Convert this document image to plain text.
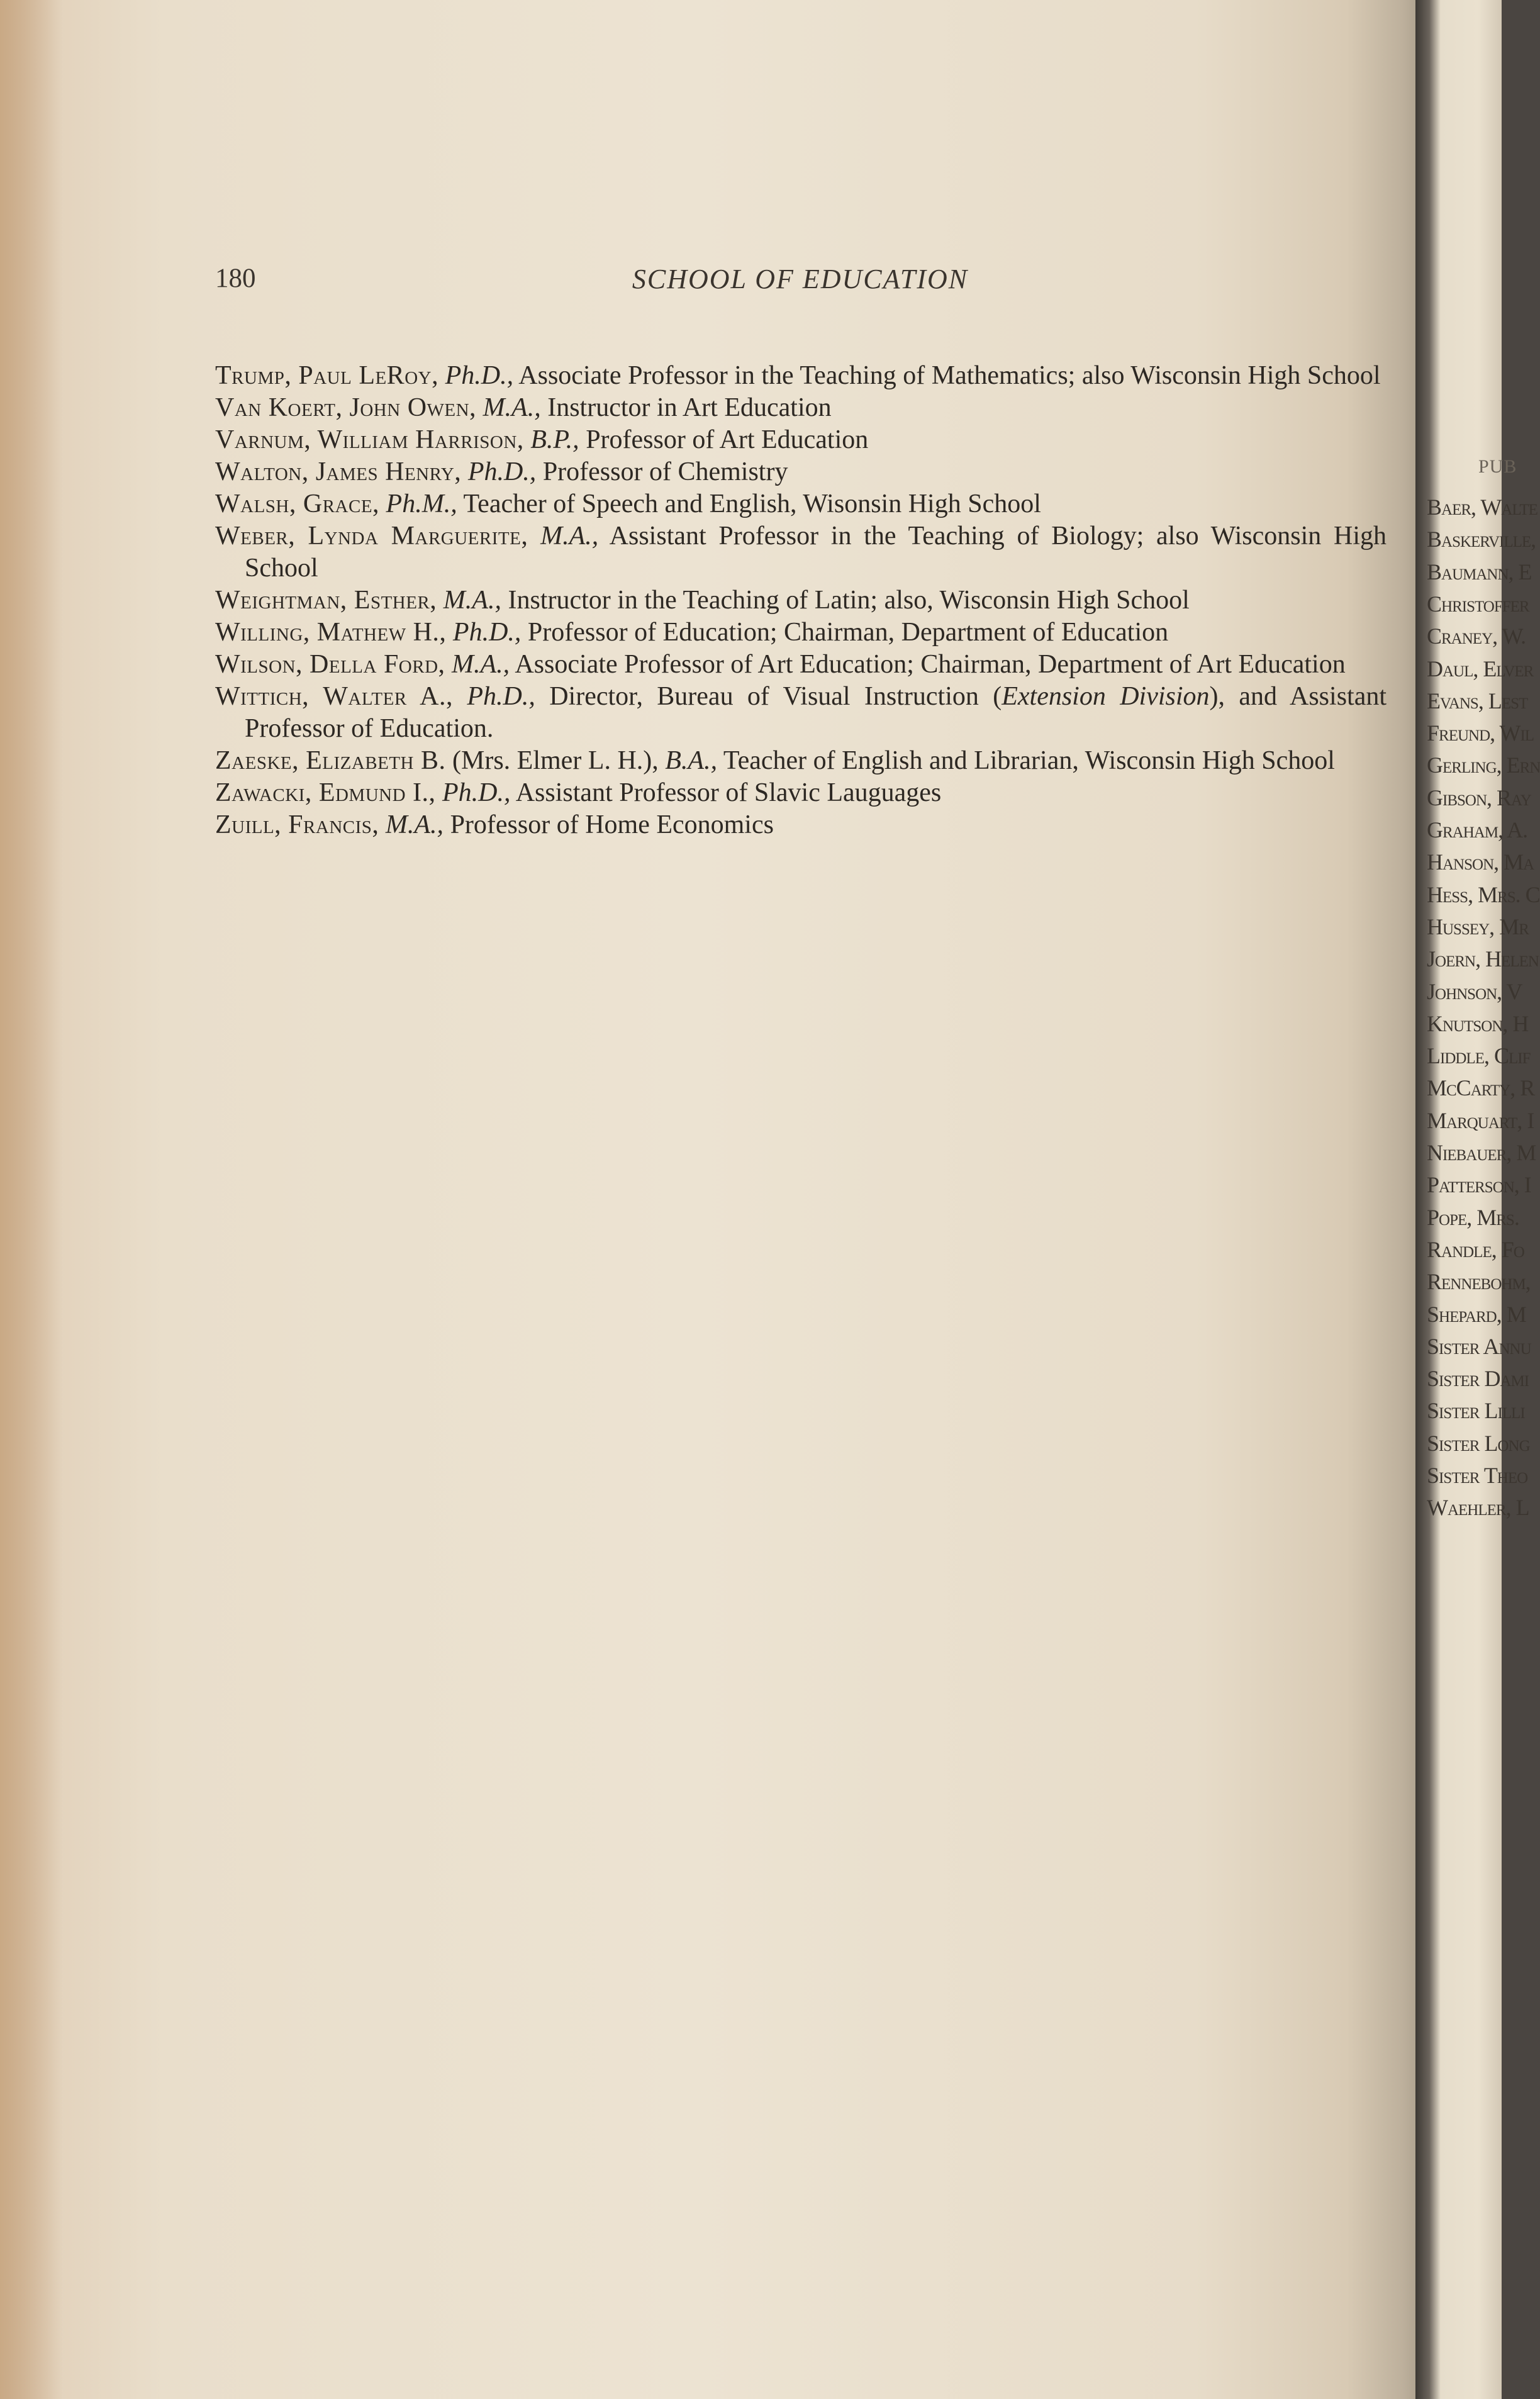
180	SCHOOL OF EDUCATION
Trump, Paul LeRoy, Ph.D., Associate Professor in the Teaching of Mathematics; also Wisconsin High School
Van Koert, John Owen, M.A., Instructor in Art Education
Varnum, William Harrison, B.P., Professor of Art Education
Walton, James Henry, Ph.D., Professor of Chemistry
Walsh, Grace, Ph.M., Teacher of Speech and English, Wisonsin High School
Weber, Lynda Marguerite, M.A., Assistant Professor in the Teaching of Biology; also Wisconsin High School
Weightman, Esther, M.A., Instructor in the Teaching of Latin; also, Wisconsin High School
Willing, Mathew H., Ph.D., Professor of Education; Chairman, Department of Education
Wilson, Della Ford, M.A., Associate Professor of Art Education; Chairman, Department of Art Education
Wittich, Walter A., Ph.D., Director, Bureau of Visual Instruction (Extension Division), and Assistant Professor of Education.
Zaeske, Elizabeth B. (Mrs. Elmer L. H.), B.A., Teacher of English and Librarian, Wisconsin High School
Zawacki, Edmund I., Ph.D., Assistant Professor of Slavic Lauguages
Zuill, Francis, M.A., Professor of Home Economics
PUB
Baer, Walte
Baskerville,
Baumann, E
Christoffer
Craney, W.
Daul, Elver
Evans, Lest
Freund, Wil
Gerling, Ern
Gibson, Ray
Graham, A.
Hanson, Ma
Hess, Mrs. C
Hussey, Mr
Joern, Helen
Johnson, V
Knutson, H
Liddle, Clif
McCarty, R
Marquart, I
Niebauer, M
Patterson, I
Pope, Mrs.
Randle, Fo
Rennebohm,
Shepard, M
Sister Annu
Sister Dami
Sister Lilli
Sister Long
Sister Theo
Waehler, L
